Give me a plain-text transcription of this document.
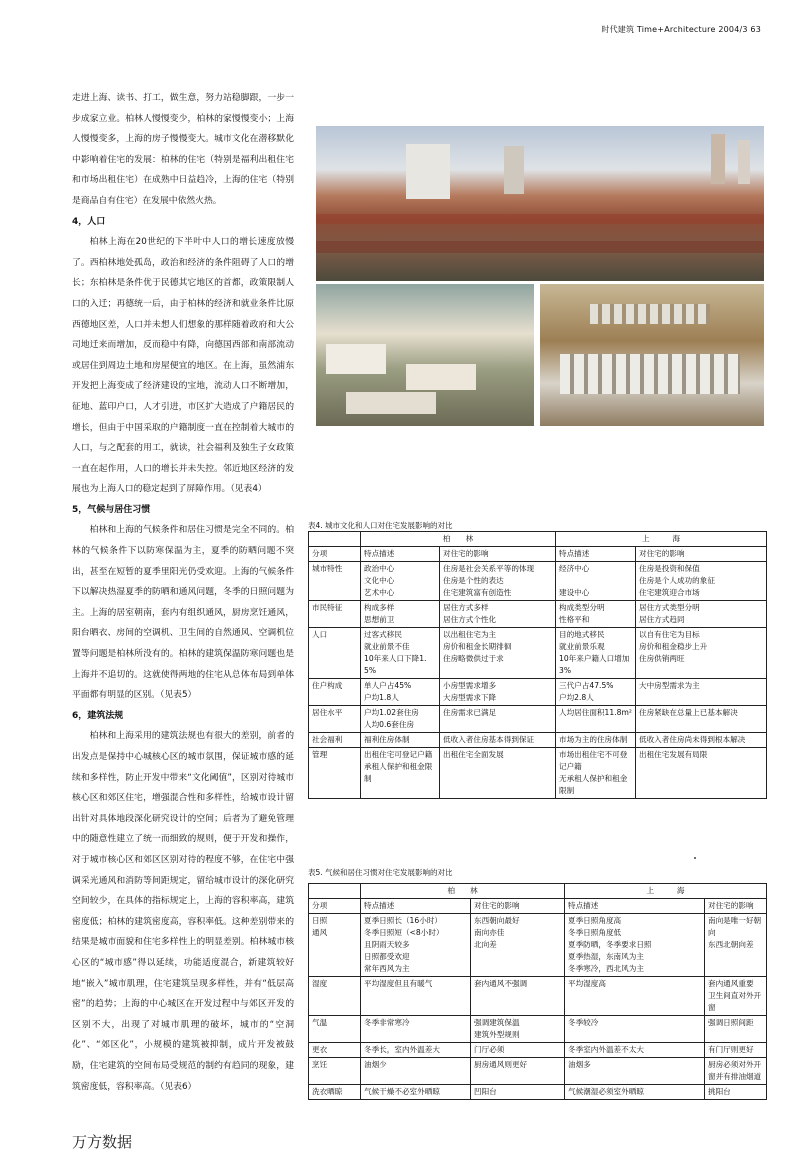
时代建筑 Time+Architecture 2004/3 63

走进上海、读书、打工，做生意，努力站稳脚跟，一步一步成家立业。柏林人慢慢变少，柏林的家慢慢变小；上海人慢慢变多，上海的房子慢慢变大。城市文化在潜移默化中影响着住宅的发展：柏林的住宅（特别是福利出租住宅和市场出租住宅）在成熟中日益趋冷，上海的住宅（特别是商品自有住宅）在发展中依然火热。

4，人口

柏林上海在20世纪的下半叶中人口的增长速度放慢了。西柏林地处孤岛，政治和经济的条件阻碍了人口的增长；东柏林是条件优于民德其它地区的首都，政策限制人口的入迁；再德统一后，由于柏林的经济和就业条件比原西德地区差，人口并未想人们想象的那样随着政府和大公司地迁来而增加，反而稳中有降，向德国西部和南部流动或居住到周边土地和房屋便宜的地区。在上海，虽然浦东开发把上海变成了经济建设的宝地，流动人口不断增加，征地、蓝印户口，人才引进，市区扩大造成了户籍居民的增长，但由于中国采取的户籍制度一直在控制着大城市的人口，与之配套的用工，就读，社会福利及独生子女政策一直在起作用，人口的增长并未失控。邻近地区经济的发展也为上海人口的稳定起到了屏障作用。（见表4）

5，气候与居住习惯

柏林和上海的气候条件和居住习惯是完全不同的。柏林的气候条件下以防寒保温为主，夏季的防晒问题不突出，甚至在短暂的夏季里阳光仍受欢迎。上海的气候条件下以解决热湿夏季的防晒和通风问题，冬季的日照问题为主。上海的居室朝南，套内有组织通风，厨房烹饪通风，阳台晒衣、房间的空调机、卫生间的自然通风、空调机位置等问题是柏林所没有的。柏林的建筑保温防寒问题也是上海并不追切的。这就使得两地的住宅从总体布局到单体平面都有明显的区别。（见表5）

6，建筑法规

柏林和上海采用的建筑法规也有很大的差别，前者的出发点是保持中心城核心区的城市氛围，保证城市感的延续和多样性，防止开发中带来“文化阈值”，区别对待城市核心区和郊区住宅，增强混合性和多样性，给城市设计留出针对具体地段深化研究设计的空间；后者为了避免管理中的随意性建立了统一而细致的规则，便于开发和操作，对于城市核心区和郊区区别对待的程度不够，在住宅中强调采光通风和消防等间距规定，留给城市设计的深化研究空间较少，在具体的指标规定上，上海的容积率高，建筑密度低；柏林的建筑密度高，容积率低。这种差别带来的结果是城市面貌和住宅多样性上的明显差别。柏林城市核心区的“城市感”得以延续，功能适度混合，新建筑较好地“嵌入”城市肌理，住宅建筑呈现多样性，并有“低层高密”的趋势；上海的中心城区在开发过程中与郊区开发的区别不大，出现了对城市肌理的破坏，城市的“空洞化”、“郊区化”，小规模的建筑被抑制，成片开发被鼓励，住宅建筑的空间布局受规范的制约有趋同的现象，建筑密度低，容积率高。（见表6）

表4. 城市文化和人口对住宅发展影响的对比
	柏　　林		上　　　海	
分项	特点描述	对住宅的影响	特点描述	对住宅的影响

城市特性	政治中心
文化中心
艺术中心	住房是社会关系平等的体现
住房是个性的表达
住宅建筑富有创造性	经济中心

建设中心	住房是投资和保值
住房是个人成功的象征
住宅建筑迎合市场

市民特征	构成多样
思想前卫	居住方式多样
居住方式个性化	构成类型分明
性格平和	居住方式类型分明
居住方式趋同

人口	过客式移民
就业前景不佳
10年来人口下降1.5%	以出租住宅为主
房价和租金长期徘徊
住房略微供过于求	目的地式移民
就业前景乐观
10年来户籍人口增加3%	以自有住宅为目标
房价和租金稳步上升
住房供销两旺

住户构成	单人户占45%
户均1.8人	小房型需求增多
大房型需求下降	三代户占47.5%
户均2.8人	大中房型需求为主

居住水平	户均1.02套住房
人均0.6套住房	住房需求已满足	人均居住面积11.8m²	住房紧缺在总量上已基本解决

社会福利	福利住房体制	低收入者住房基本得到保证	市场为主的住房体制	低收入者住房尚未得到根本解决

管理	出租住宅可登记户籍
承租人保护和租金限制	出租住宅全面发展	市场出租住宅不可登记户籍
无承租人保护和租金限制	出租住宅发展有局限
表5. 气候和居住习惯对住宅发展影响的对比
	柏　　林		上　　　海	
分项	特点描述	对住宅的影响	特点描述	对住宅的影响

日照
通风	夏季日照长（16小时）
冬季日照短（<8小时）
且阴雨天较多
日照都受欢迎
常年西风为主	东西朝向最好
南向亦佳
北向差	夏季日照角度高
冬季日照角度低
夏季防晒，冬季要求日照
夏季热湿，东南风为主
冬季寒冷，西北风为主	南向是唯一好朝向
东西北朝向差

湿度	平均湿度但且有暖气	套内通风不强调	平均湿度高	套内通风重要
卫生间直对外开窗

气温	冬季非常寒冷	强调建筑保温
建筑外型规则	冬季较冷	强调日照间距

更衣	冬季长，室内外温差大	门厅必须	冬季室内外温差不太大	有门厅则更好

烹饪	油烟少	厨房通风则更好	油烟多	厨房必须对外开窗并有排油烟道

洗衣晒晾	气候干燥不必室外晒晾	凹阳台	气候潮湿必须室外晒晾	挑阳台
万方数据
